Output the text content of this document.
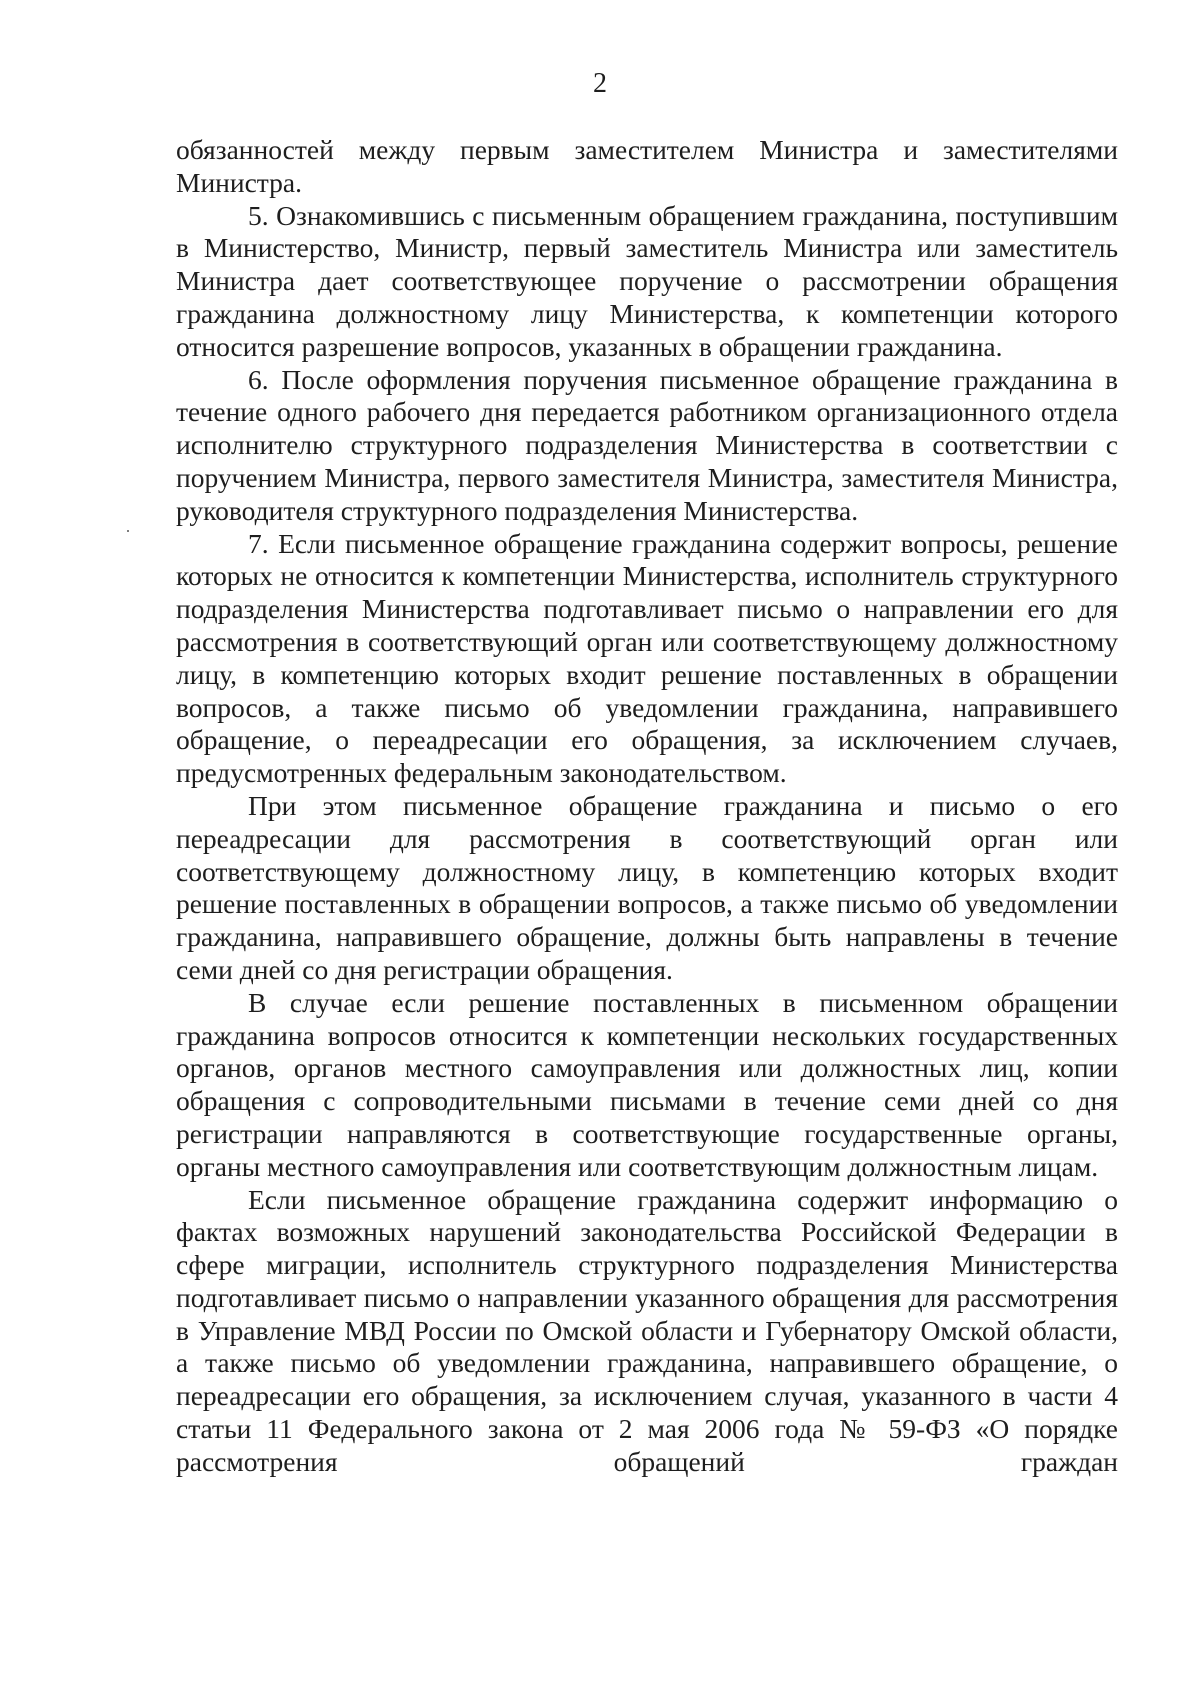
2

обязанностей между первым заместителем Министра и заместителями Министра.

5. Ознакомившись с письменным обращением гражданина, поступившим в Министерство, Министр, первый заместитель Министра или заместитель Министра дает соответствующее поручение о рассмотрении обращения гражданина должностному лицу Министерства, к компетенции которого относится разрешение вопросов, указанных в обращении гражданина.

6. После оформления поручения письменное обращение гражданина в течение одного рабочего дня передается работником организационного отдела исполнителю структурного подразделения Министерства в соответствии с поручением Министра, первого заместителя Министра, заместителя Министра, руководителя структурного подразделения Министерства.

7. Если письменное обращение гражданина содержит вопросы, решение которых не относится к компетенции Министерства, исполнитель структурного подразделения Министерства подготавливает письмо о направлении его для рассмотрения в соответствующий орган или соответствующему должностному лицу, в компетенцию которых входит решение поставленных в обращении вопросов, а также письмо об уведомлении гражданина, направившего обращение, о переадресации его обращения, за исключением случаев, предусмотренных федеральным законодательством.

При этом письменное обращение гражданина и письмо о его переадресации для рассмотрения в соответствующий орган или соответствующему должностному лицу, в компетенцию которых входит решение поставленных в обращении вопросов, а также письмо об уведомлении гражданина, направившего обращение, должны быть направлены в течение семи дней со дня регистрации обращения.

В случае если решение поставленных в письменном обращении гражданина вопросов относится к компетенции нескольких государственных органов, органов местного самоуправления или должностных лиц, копии обращения с сопроводительными письмами в течение семи дней со дня регистрации направляются в соответствующие государственные органы, органы местного самоуправления или соответствующим должностным лицам.

Если письменное обращение гражданина содержит информацию о фактах возможных нарушений законодательства Российской Федерации в сфере миграции, исполнитель структурного подразделения Министерства подготавливает письмо о направлении указанного обращения для рассмотрения в Управление МВД России по Омской области и Губернатору Омской области, а также письмо об уведомлении гражданина, направившего обращение, о переадресации его обращения, за исключением случая, указанного в части 4 статьи 11 Федерального закона от 2 мая 2006 года № 59-ФЗ «О порядке рассмотрения обращений граждан
